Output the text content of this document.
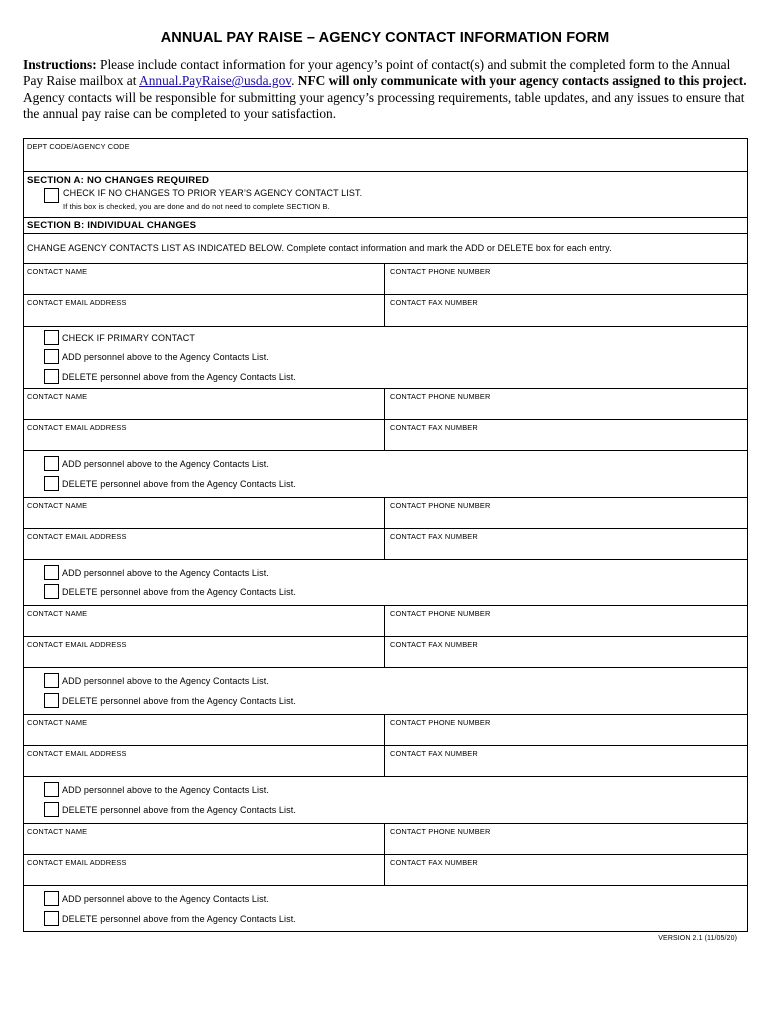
ANNUAL PAY RAISE – AGENCY CONTACT INFORMATION FORM
Instructions: Please include contact information for your agency’s point of contact(s) and submit the completed form to the Annual Pay Raise mailbox at Annual.PayRaise@usda.gov. NFC will only communicate with your agency contacts assigned to this project. Agency contacts will be responsible for submitting your agency’s processing requirements, table updates, and any issues to ensure that the annual pay raise can be completed to your satisfaction.
DEPT CODE/AGENCY CODE
SECTION A: NO CHANGES REQUIRED
CHECK IF NO CHANGES TO PRIOR YEAR’S AGENCY CONTACT LIST.
If this box is checked, you are done and do not need to complete SECTION B.
SECTION B: INDIVIDUAL CHANGES
CHANGE AGENCY CONTACTS LIST AS INDICATED BELOW. Complete contact information and mark the ADD or DELETE box for each entry.
CONTACT NAME	CONTACT PHONE NUMBER
CONTACT EMAIL ADDRESS	CONTACT FAX NUMBER
CHECK IF PRIMARY CONTACT
ADD personnel above to the Agency Contacts List.
DELETE personnel above from the Agency Contacts List.
CONTACT NAME	CONTACT PHONE NUMBER
CONTACT EMAIL ADDRESS	CONTACT FAX NUMBER
ADD personnel above to the Agency Contacts List.
DELETE personnel above from the Agency Contacts List.
CONTACT NAME	CONTACT PHONE NUMBER
CONTACT EMAIL ADDRESS	CONTACT FAX NUMBER
ADD personnel above to the Agency Contacts List.
DELETE personnel above from the Agency Contacts List.
CONTACT NAME	CONTACT PHONE NUMBER
CONTACT EMAIL ADDRESS	CONTACT FAX NUMBER
ADD personnel above to the Agency Contacts List.
DELETE personnel above from the Agency Contacts List.
CONTACT NAME	CONTACT PHONE NUMBER
CONTACT EMAIL ADDRESS	CONTACT FAX NUMBER
ADD personnel above to the Agency Contacts List.
DELETE personnel above from the Agency Contacts List.
CONTACT NAME	CONTACT PHONE NUMBER
CONTACT EMAIL ADDRESS	CONTACT FAX NUMBER
ADD personnel above to the Agency Contacts List.
DELETE personnel above from the Agency Contacts List.
VERSION 2.1 (11/05/20)
